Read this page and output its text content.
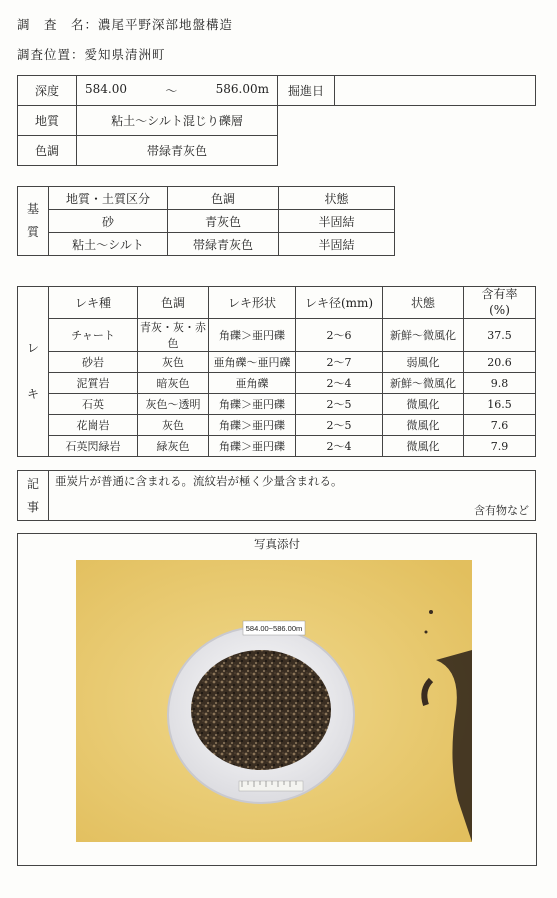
調　査　名：濃尾平野深部地盤構造
調査位置：愛知県清洲町
深度	584.00 ～ 586.00m	掘進日	
地質	粘土～シルト混じり礫層		
色調	帯緑青灰色		
基
質	地質・土質区分	色調	状態
	砂	青灰色	半固結
	粘土～シルト	帯緑青灰色	半固結
レ

キ	レキ種	色調	レキ形状	レキ径(mm)	状態	含有率
(%)
	チャート	青灰・灰・赤色	角礫＞亜円礫	2～6	新鮮～微風化	37.5
	砂岩	灰色	亜角礫～亜円礫	2～7	弱風化	20.6
	泥質岩	暗灰色	亜角礫	2～4	新鮮～微風化	9.8
	石英	灰色～透明	角礫＞亜円礫	2～5	微風化	16.5
	花崗岩	灰色	角礫＞亜円礫	2～5	微風化	7.6
	石英閃緑岩	緑灰色	角礫＞亜円礫	2～4	微風化	7.9
記
事	
亜炭片が普通に含まれる。流紋岩が極く少量含まれる。
含有物など
写真添付
584.00~586.00m
